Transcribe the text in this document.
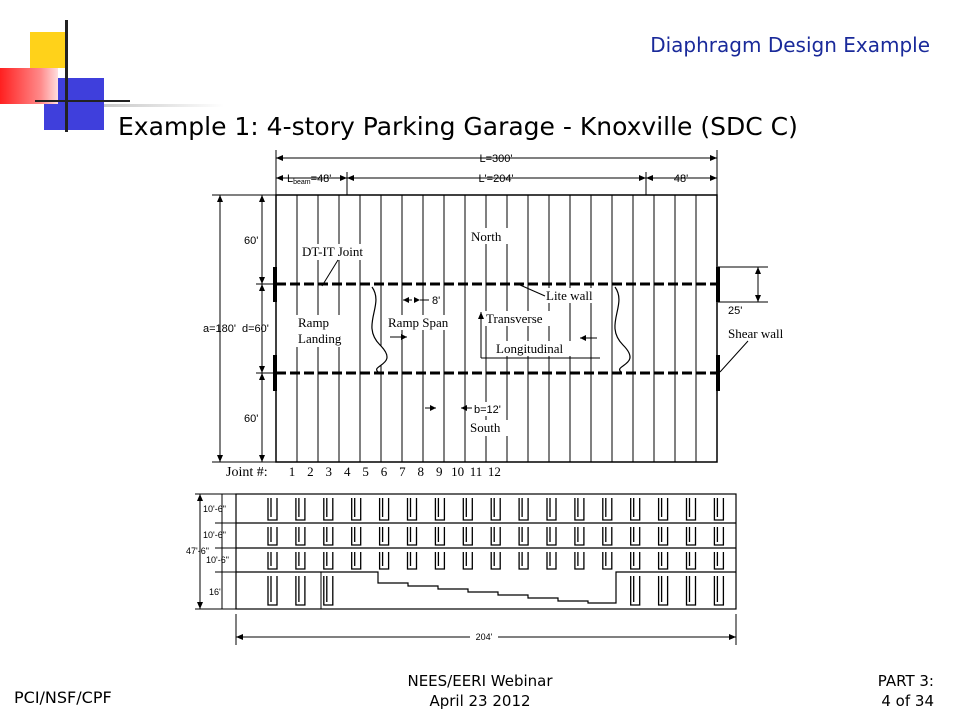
Diaphragm Design Example
Example 1: 4-story Parking Garage - Knoxville (SDC C)
L=300'
Lbeam=48'	L'=204'	48'
a=180'
60'
d=60'
60'
25'
North
South
DT-IT Joint
Lite wall
Ramp
Landing
Ramp Span
8'
Transverse
Longitudinal
Shear wall
b=12'
Joint #: 1 2 3 4 5 6 7 8 9 10 11 12
10'-6"
10'-6"
10'-6"
16'
47'-6"
204'
PCI/NSF/CPF
NEES/EERI Webinar
April 23 2012
PART 3:
4 of 34
